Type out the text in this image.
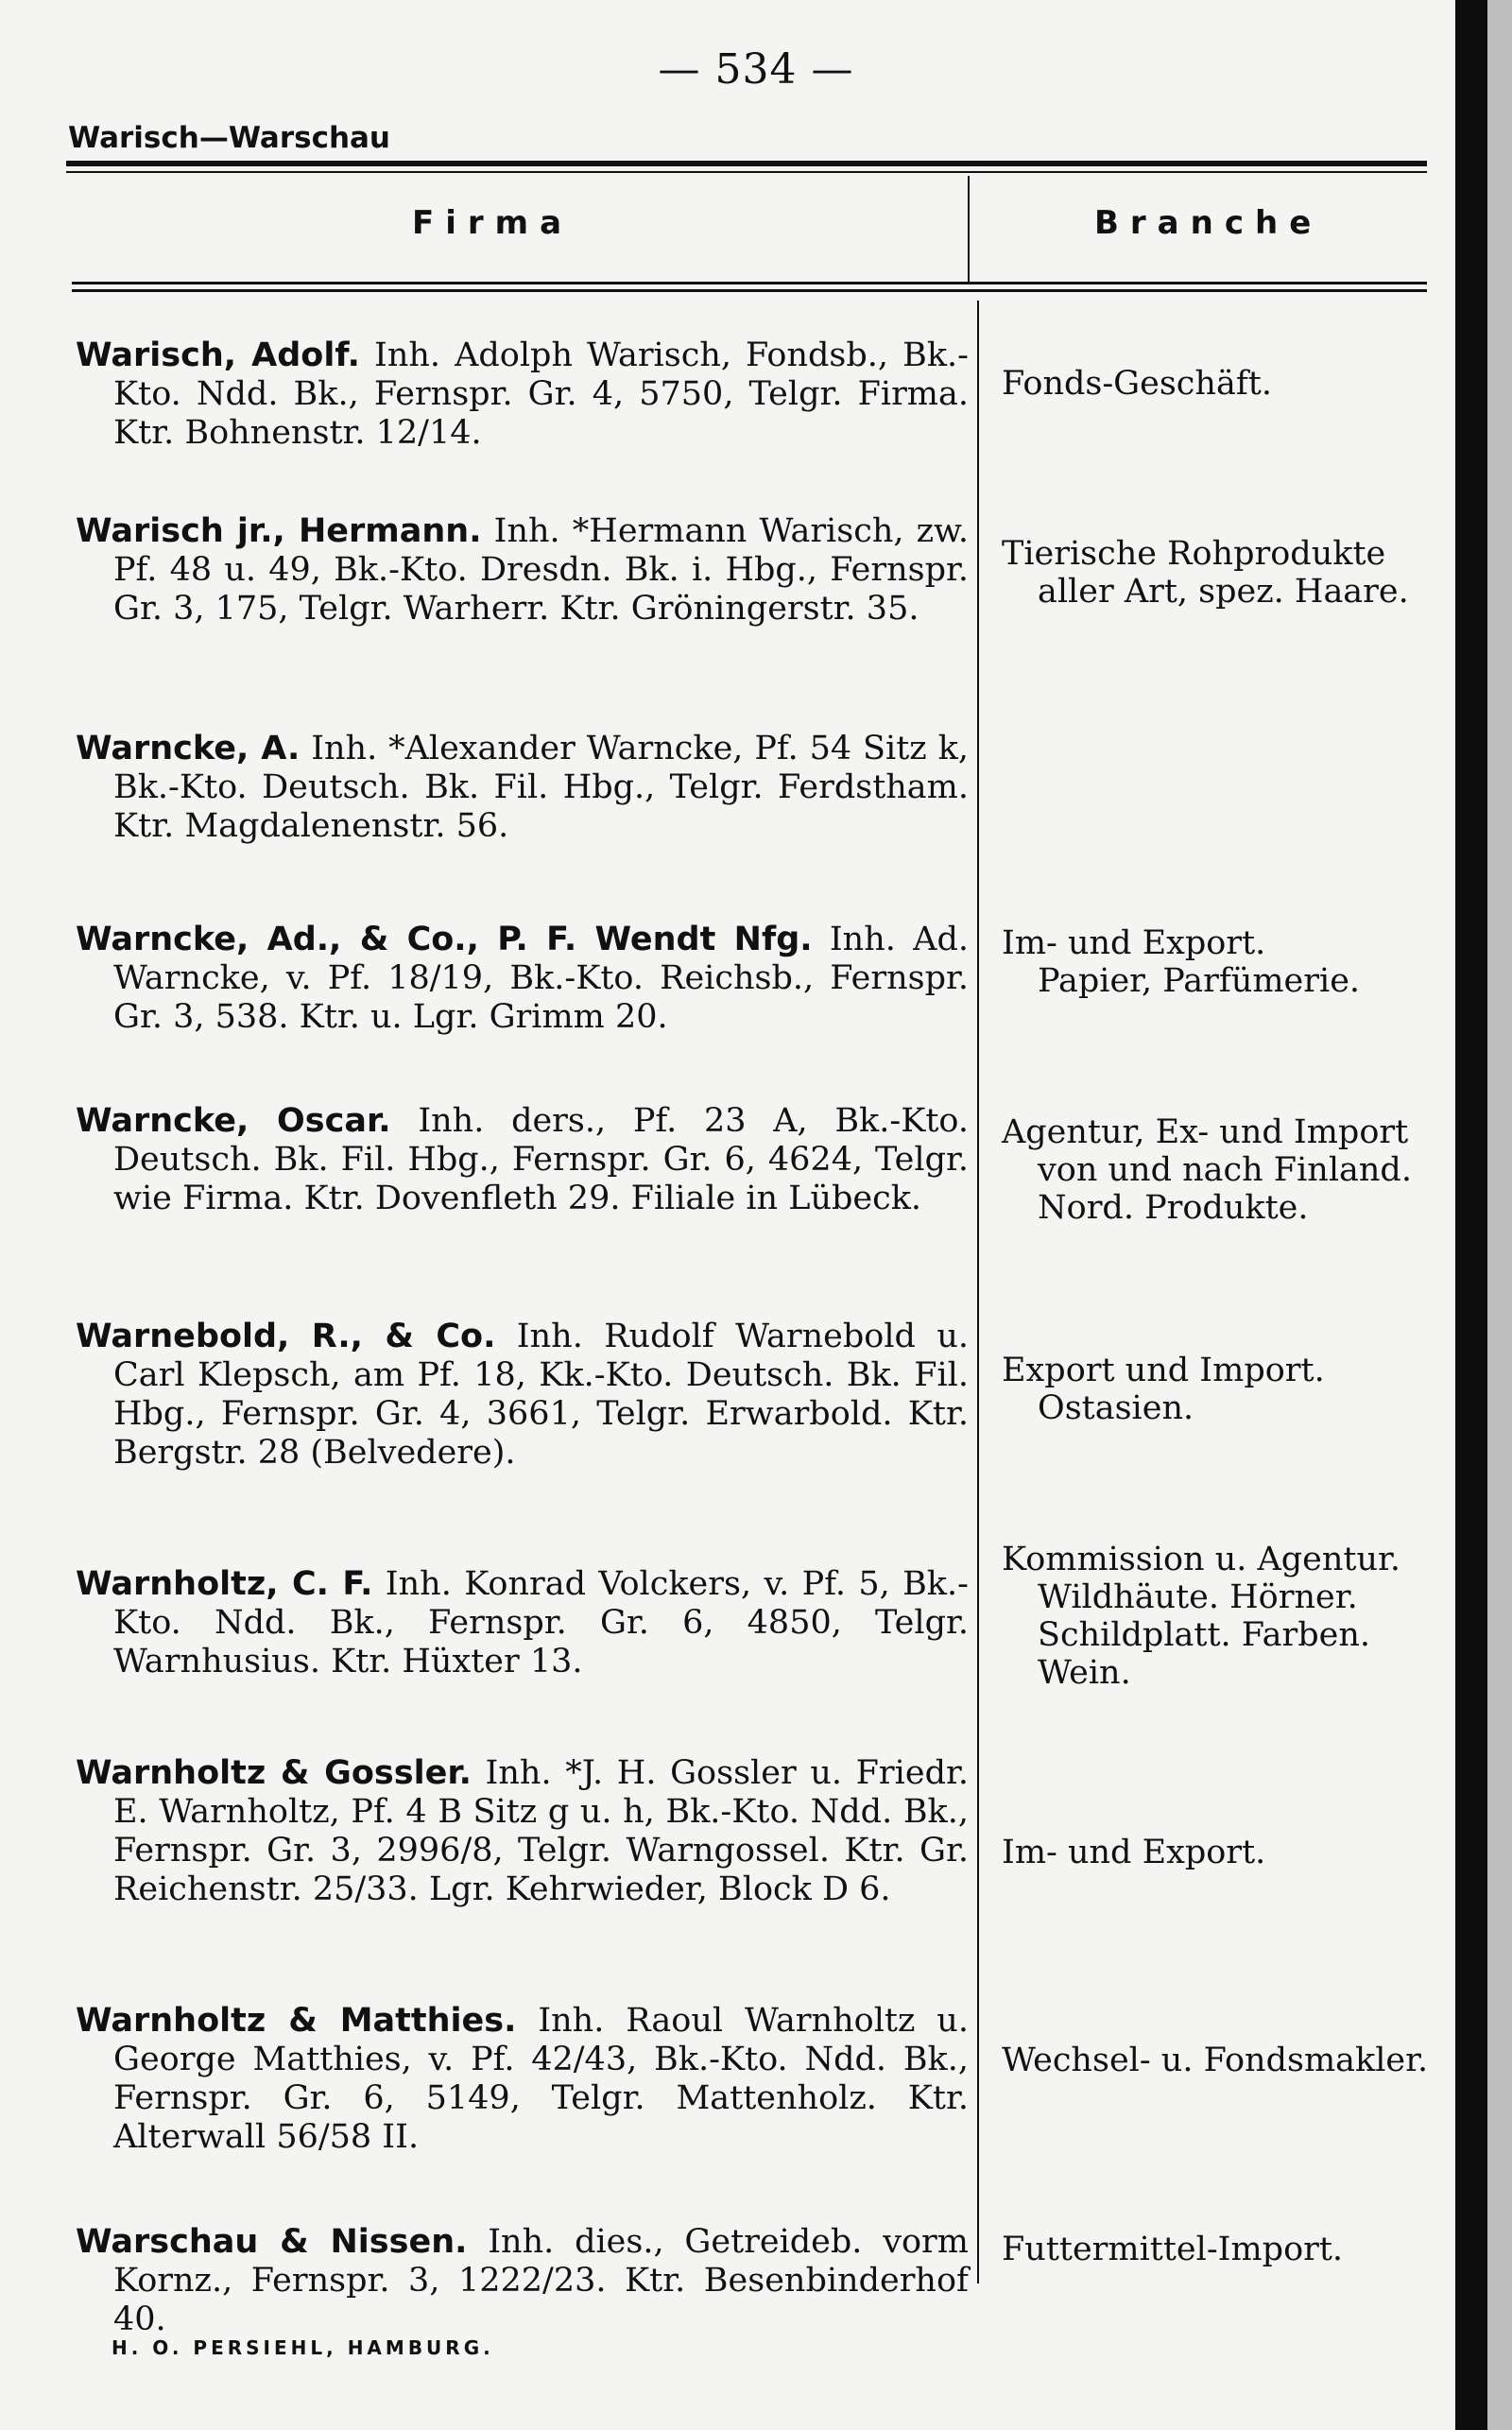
— 534 —
Warisch—Warschau
Firma	Branche
Warisch, Adolf. Inh. Adolph Warisch, Fondsb., Bk.-Kto. Ndd. Bk., Fernspr. Gr. 4, 5750, Telgr. Firma. Ktr. Bohnenstr. 12/14.
Fonds-Geschäft.
Warisch jr., Hermann. Inh. *Hermann Warisch, zw. Pf. 48 u. 49, Bk.-Kto. Dresdn. Bk. i. Hbg., Fernspr. Gr. 3, 175, Telgr. Warherr. Ktr. Gröningerstr. 35.
Tierische Rohprodukte
aller Art, spez. Haare.
Warncke, A. Inh. *Alexander Warncke, Pf. 54 Sitz k, Bk.-Kto. Deutsch. Bk. Fil. Hbg., Telgr. Ferdstham. Ktr. Magdalenenstr. 56.
Warncke, Ad., & Co., P. F. Wendt Nfg. Inh. Ad. Warncke, v. Pf. 18/19, Bk.-Kto. Reichsb., Fernspr. Gr. 3, 538. Ktr. u. Lgr. Grimm 20.
Im- und Export.
Papier, Parfümerie.
Warncke, Oscar. Inh. ders., Pf. 23 A, Bk.-Kto. Deutsch. Bk. Fil. Hbg., Fernspr. Gr. 6, 4624, Telgr. wie Firma. Ktr. Dovenfleth 29. Filiale in Lübeck.
Agentur, Ex- und Import
von und nach Finland.
Nord. Produkte.
Warnebold, R., & Co. Inh. Rudolf Warnebold u. Carl Klepsch, am Pf. 18, Kk.-Kto. Deutsch. Bk. Fil. Hbg., Fernspr. Gr. 4, 3661, Telgr. Erwarbold. Ktr. Bergstr. 28 (Belvedere).
Export und Import.
Ostasien.
Warnholtz, C. F. Inh. Konrad Volckers, v. Pf. 5, Bk.-Kto. Ndd. Bk., Fernspr. Gr. 6, 4850, Telgr. Warnhusius. Ktr. Hüxter 13.
Kommission u. Agentur.
Wildhäute. Hörner.
Schildplatt. Farben.
Wein.
Warnholtz & Gossler. Inh. *J. H. Gossler u. Friedr. E. Warnholtz, Pf. 4 B Sitz g u. h, Bk.-Kto. Ndd. Bk., Fernspr. Gr. 3, 2996/8, Telgr. Warngossel. Ktr. Gr. Reichenstr. 25/33. Lgr. Kehrwieder, Block D 6.
Im- und Export.
Warnholtz & Matthies. Inh. Raoul Warnholtz u. George Matthies, v. Pf. 42/43, Bk.-Kto. Ndd. Bk., Fernspr. Gr. 6, 5149, Telgr. Mattenholz. Ktr. Alterwall 56/58 II.
Wechsel- u. Fondsmakler.
Warschau & Nissen. Inh. dies., Getreideb. vorm Kornz., Fernspr. 3, 1222/23. Ktr. Besenbinderhof 40.
Futtermittel-Import.
H. O. PERSIEHL, HAMBURG.
